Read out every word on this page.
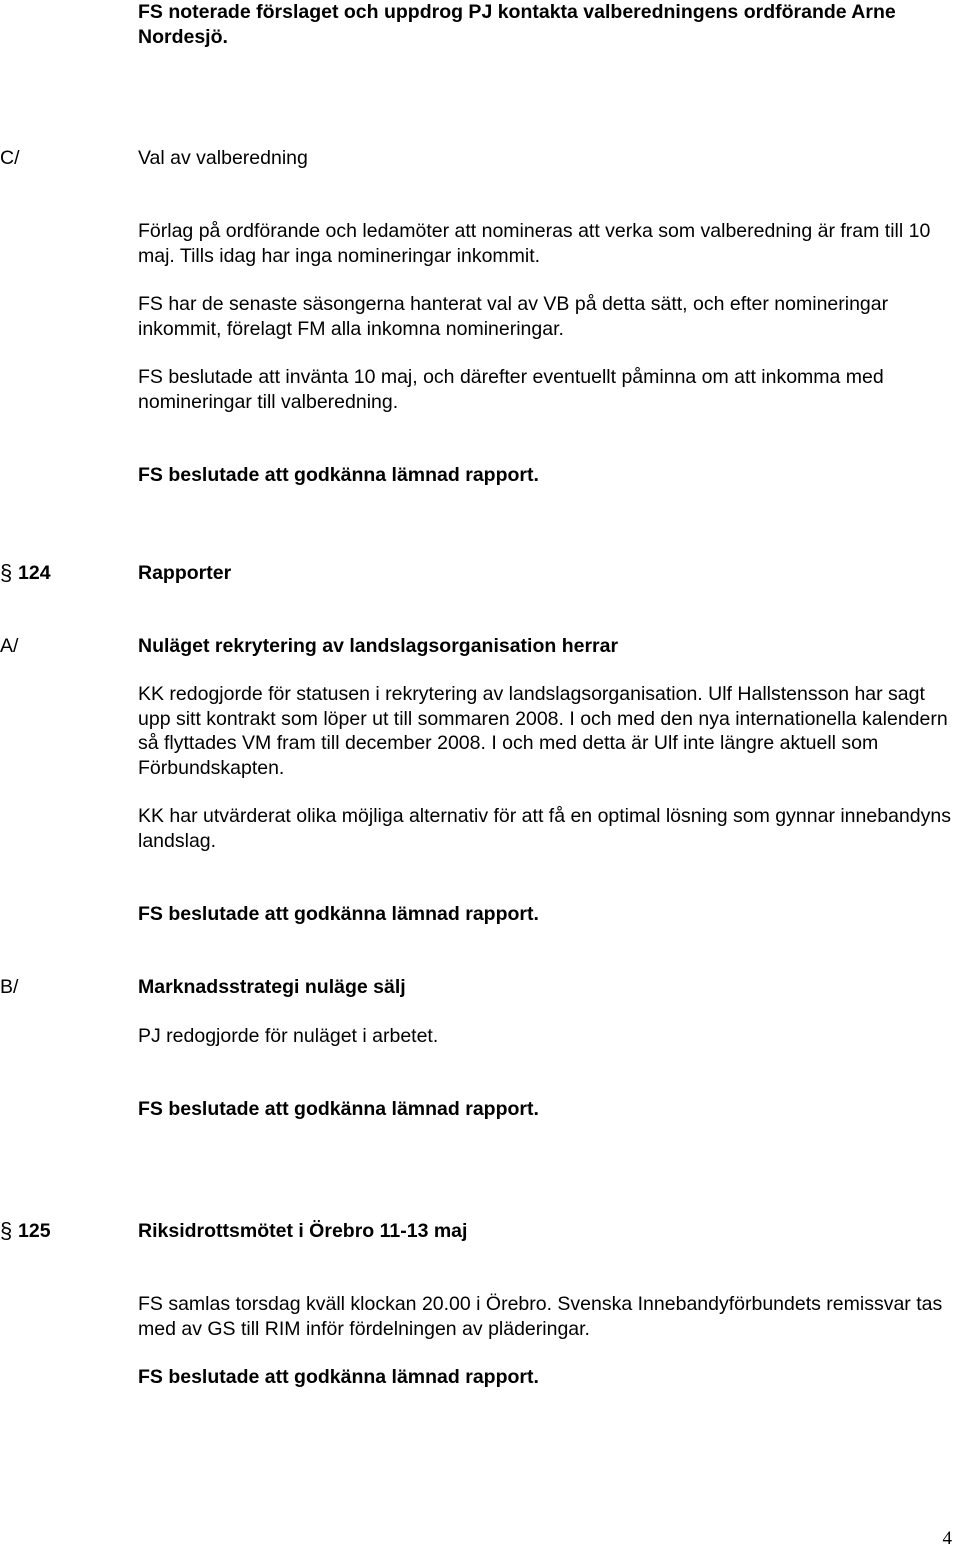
FS noterade förslaget och uppdrog PJ kontakta valberedningens ordförande Arne Nordesjö.

C/	Val av valberedning

Förlag på ordförande och ledamöter att nomineras att verka som valberedning är fram till 10 maj. Tills idag har inga nomineringar inkommit.

FS har de senaste säsongerna hanterat val av VB på detta sätt, och efter nomineringar inkommit, förelagt FM alla inkomna nomineringar.

FS beslutade att invänta 10 maj, och därefter eventuellt påminna om att inkomma med nomineringar till valberedning.

FS beslutade att godkänna lämnad rapport.

§ 124	Rapporter

A/	Nuläget rekrytering av landslagsorganisation herrar

KK redogjorde för statusen i rekrytering av landslagsorganisation. Ulf Hallstensson har sagt upp sitt kontrakt som löper ut till sommaren 2008. I och med den nya internationella kalendern så flyttades VM fram till december 2008. I och med detta är Ulf inte längre aktuell som Förbundskapten.

KK har utvärderat olika möjliga alternativ för att få en optimal lösning som gynnar innebandyns landslag.

FS beslutade att godkänna lämnad rapport.

B/	Marknadsstrategi nuläge sälj

PJ redogjorde för nuläget i arbetet.

FS beslutade att godkänna lämnad rapport.

§ 125	Riksidrottsmötet i Örebro 11-13 maj

FS samlas torsdag kväll klockan 20.00 i Örebro. Svenska Innebandyförbundets remissvar tas med av GS till RIM inför fördelningen av pläderingar.

FS beslutade att godkänna lämnad rapport.

4
